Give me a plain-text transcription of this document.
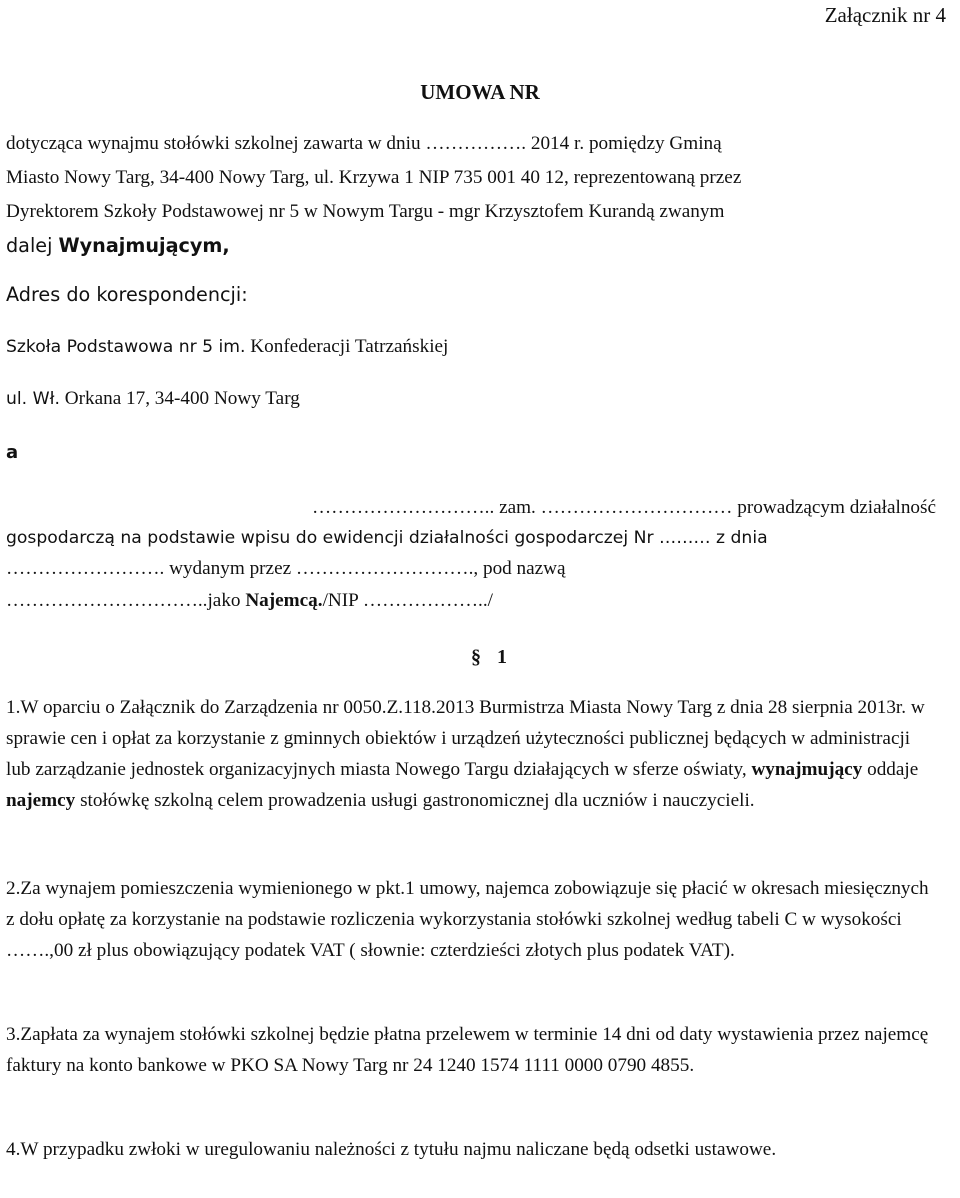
Załącznik nr 4
UMOWA NR
dotycząca wynajmu stołówki szkolnej zawarta w dniu ……………. 2014 r. pomiędzy Gminą
Miasto Nowy Targ, 34-400 Nowy Targ, ul. Krzywa 1 NIP 735 001 40 12, reprezentowaną przez
Dyrektorem Szkoły Podstawowej nr 5 w Nowym Targu - mgr Krzysztofem Kurandą zwanym
dalej Wynajmującym,
Adres do korespondencji:
Szkoła Podstawowa nr 5 im. Konfederacji Tatrzańskiej
ul. Wł. Orkana 17, 34-400 Nowy Targ
a
……………………….. zam. ………………………… prowadzącym działalność
gospodarczą na podstawie wpisu do ewidencji działalności gospodarczej Nr ……… z dnia
……………………. wydanym przez ………………………., pod nazwą
…………………………..jako Najemcą./NIP ………………../
§ 1

1.W oparciu o Załącznik do Zarządzenia nr 0050.Z.118.2013 Burmistrza Miasta Nowy Targ z dnia 28 sierpnia 2013r. w sprawie cen i opłat za korzystanie z gminnych obiektów i urządzeń użyteczności publicznej będących w administracji lub zarządzanie jednostek organizacyjnych miasta Nowego Targu działających w sferze oświaty, wynajmujący oddaje najemcy stołówkę szkolną celem prowadzenia usługi gastronomicznej dla uczniów i nauczycieli.

2.Za wynajem pomieszczenia wymienionego w pkt.1 umowy, najemca zobowiązuje się płacić w okresach miesięcznych z dołu opłatę za korzystanie na podstawie rozliczenia wykorzystania stołówki szkolnej według tabeli C w wysokości …….,00 zł plus obowiązujący podatek VAT ( słownie: czterdzieści złotych plus podatek VAT).

3.Zapłata za wynajem stołówki szkolnej będzie płatna przelewem w terminie 14 dni od daty wystawienia przez najemcę faktury na konto bankowe w PKO SA Nowy Targ nr 24 1240 1574 1111 0000 0790 4855.

4.W przypadku zwłoki w uregulowaniu należności z tytułu najmu naliczane będą odsetki ustawowe.
